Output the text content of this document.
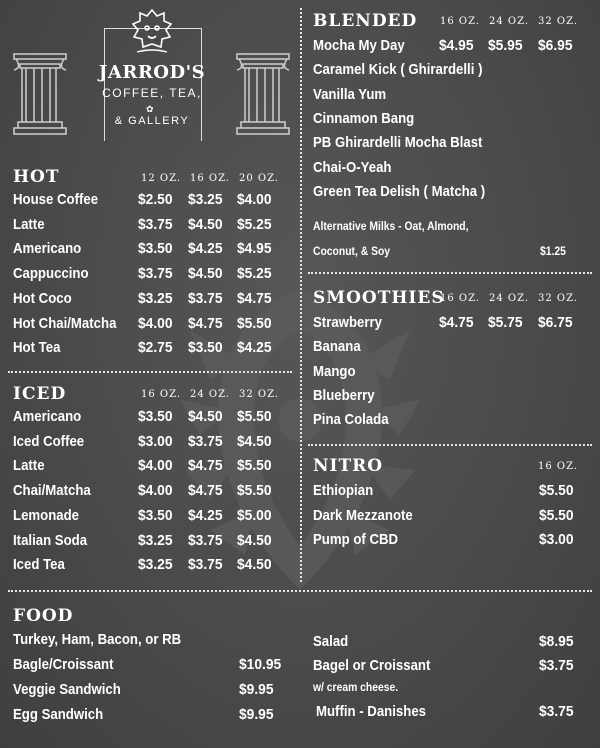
JARROD'S
COFFEE, TEA,
✿
& GALLERY
HOT	12 OZ. 16 OZ. 20 OZ.
ICED	16 OZ. 24 OZ. 32 OZ.
BLENDED 16 OZ. 24 OZ. 32 OZ.
Alternative Milks - Oat, Almond,
Coconut, & Soy	$1.25
SMOOTHIES
16 OZ. 24 OZ. 32 OZ.
NITRO	16 OZ.
FOOD
Salad	$8.95
Bagel or Croissant	$3.75
w/ cream cheese.
Muffin - Danishes	$3.75
House Coffee	$2.50 $3.25 $4.00
Latte	$3.75 $4.50 $5.25
Americano	$3.50 $4.25 $4.95
Cappuccino	$3.75 $4.50 $5.25
Hot Coco	$3.25 $3.75 $4.75
Hot Chai/Matcha $4.00 $4.75 $5.50
Hot Tea	$2.75 $3.50 $4.25
Americano	$3.50 $4.50 $5.50
Iced Coffee	$3.00 $3.75 $4.50
Latte	$4.00 $4.75 $5.50
Chai/Matcha	$4.00 $4.75 $5.50
Lemonade	$3.50 $4.25 $5.00
Italian Soda	$3.25 $3.75 $4.50
Iced Tea	$3.25 $3.75 $4.50
Mocha My Day $4.95 $5.95 $6.95
Caramel Kick ( Ghirardelli )
Vanilla Yum
Cinnamon Bang
PB Ghirardelli Mocha Blast
Chai-O-Yeah
Green Tea Delish ( Matcha )
Strawberry	$4.75 $5.75 $6.75
Banana
Mango
Blueberry
Pina Colada
Ethiopian	$5.50
Dark Mezzanote	$5.50
Pump of CBD	$3.00
Turkey, Ham, Bacon, or RB
Bagle/Croissant	$10.95
Veggie Sandwich	$9.95
Egg Sandwich	$9.95
